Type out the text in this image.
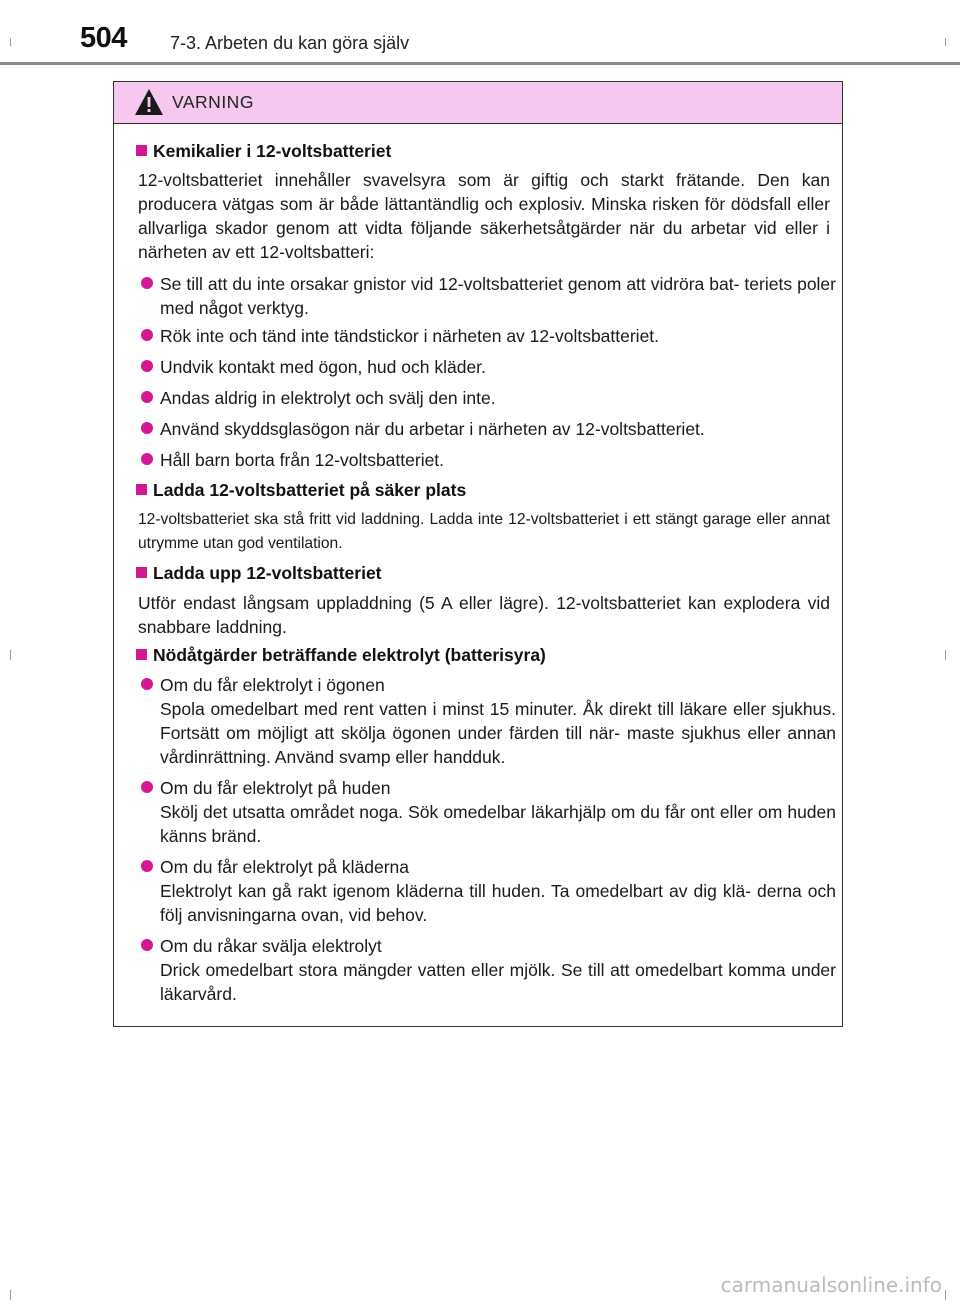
504 7-3. Arbeten du kan göra själv
VARNING
Kemikalier i 12-voltsbatteriet
12-voltsbatteriet innehåller svavelsyra som är giftig och starkt frätande. Den kan producera vätgas som är både lättantändlig och explosiv. Minska risken för dödsfall eller allvarliga skador genom att vidta följande säkerhetsåtgärder när du arbetar vid eller i närheten av ett 12-voltsbatteri:
Se till att du inte orsakar gnistor vid 12-voltsbatteriet genom att vidröra bat- teriets poler med något verktyg.
Rök inte och tänd inte tändstickor i närheten av 12-voltsbatteriet.
Undvik kontakt med ögon, hud och kläder.
Andas aldrig in elektrolyt och svälj den inte.
Använd skyddsglasögon när du arbetar i närheten av 12-voltsbatteriet.
Håll barn borta från 12-voltsbatteriet.
Ladda 12-voltsbatteriet på säker plats
12-voltsbatteriet ska stå fritt vid laddning. Ladda inte 12-voltsbatteriet i ett stängt garage eller annat utrymme utan god ventilation.
Ladda upp 12-voltsbatteriet
Utför endast långsam uppladdning (5 A eller lägre). 12-voltsbatteriet kan explodera vid snabbare laddning.
Nödåtgärder beträffande elektrolyt (batterisyra)
Om du får elektrolyt i ögonen
Spola omedelbart med rent vatten i minst 15 minuter. Åk direkt till läkare eller sjukhus. Fortsätt om möjligt att skölja ögonen under färden till när- maste sjukhus eller annan vårdinrättning. Använd svamp eller handduk.
Om du får elektrolyt på huden
Skölj det utsatta området noga. Sök omedelbar läkarhjälp om du får ont eller om huden känns bränd.
Om du får elektrolyt på kläderna
Elektrolyt kan gå rakt igenom kläderna till huden. Ta omedelbart av dig klä- derna och följ anvisningarna ovan, vid behov.
Om du råkar svälja elektrolyt
Drick omedelbart stora mängder vatten eller mjölk. Se till att omedelbart komma under läkarvård.
carmanualsonline.info
